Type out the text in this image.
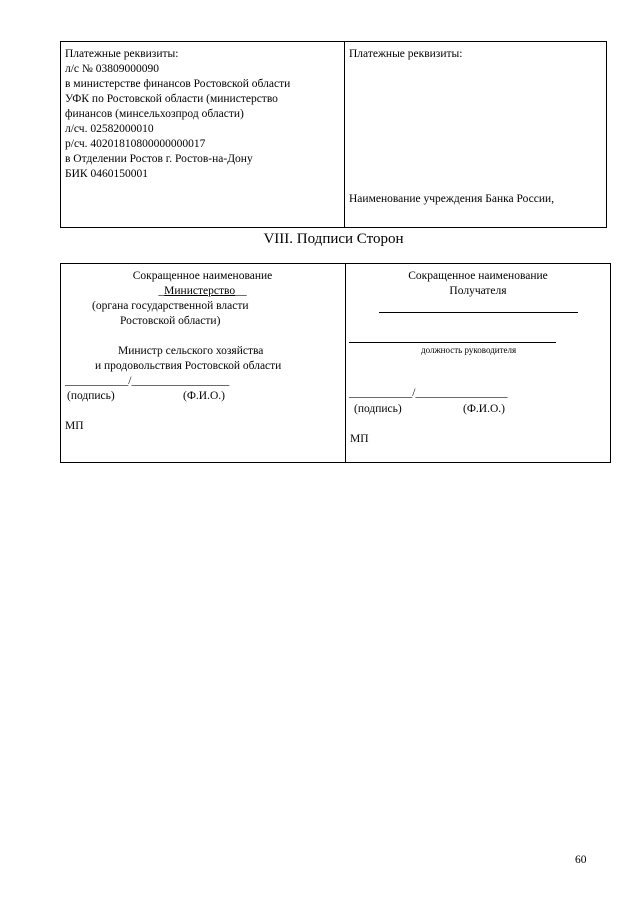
Платежные реквизиты:
л/с № 03809000090
в министерстве финансов Ростовской области
УФК по Ростовской области (министерство
финансов (минсельхозпрод области)
л/сч. 02582000010
р/сч. 40201810800000000017
в Отделении Ростов г. Ростов-на-Дону
БИК 0460150001
Платежные реквизиты:
Наименование учреждения Банка России,
VIII. Подписи Сторон
Сокращенное наименование
_Министерство__
(органа государственной власти
Ростовской области)
Министр сельского хозяйства
и продовольствия Ростовской области
___________/_________________
(подпись)	(Ф.И.О.)
МП
Сокращенное наименование
Получателя
должность руководителя
___________/________________
(подпись)	(Ф.И.О.)
МП
60
